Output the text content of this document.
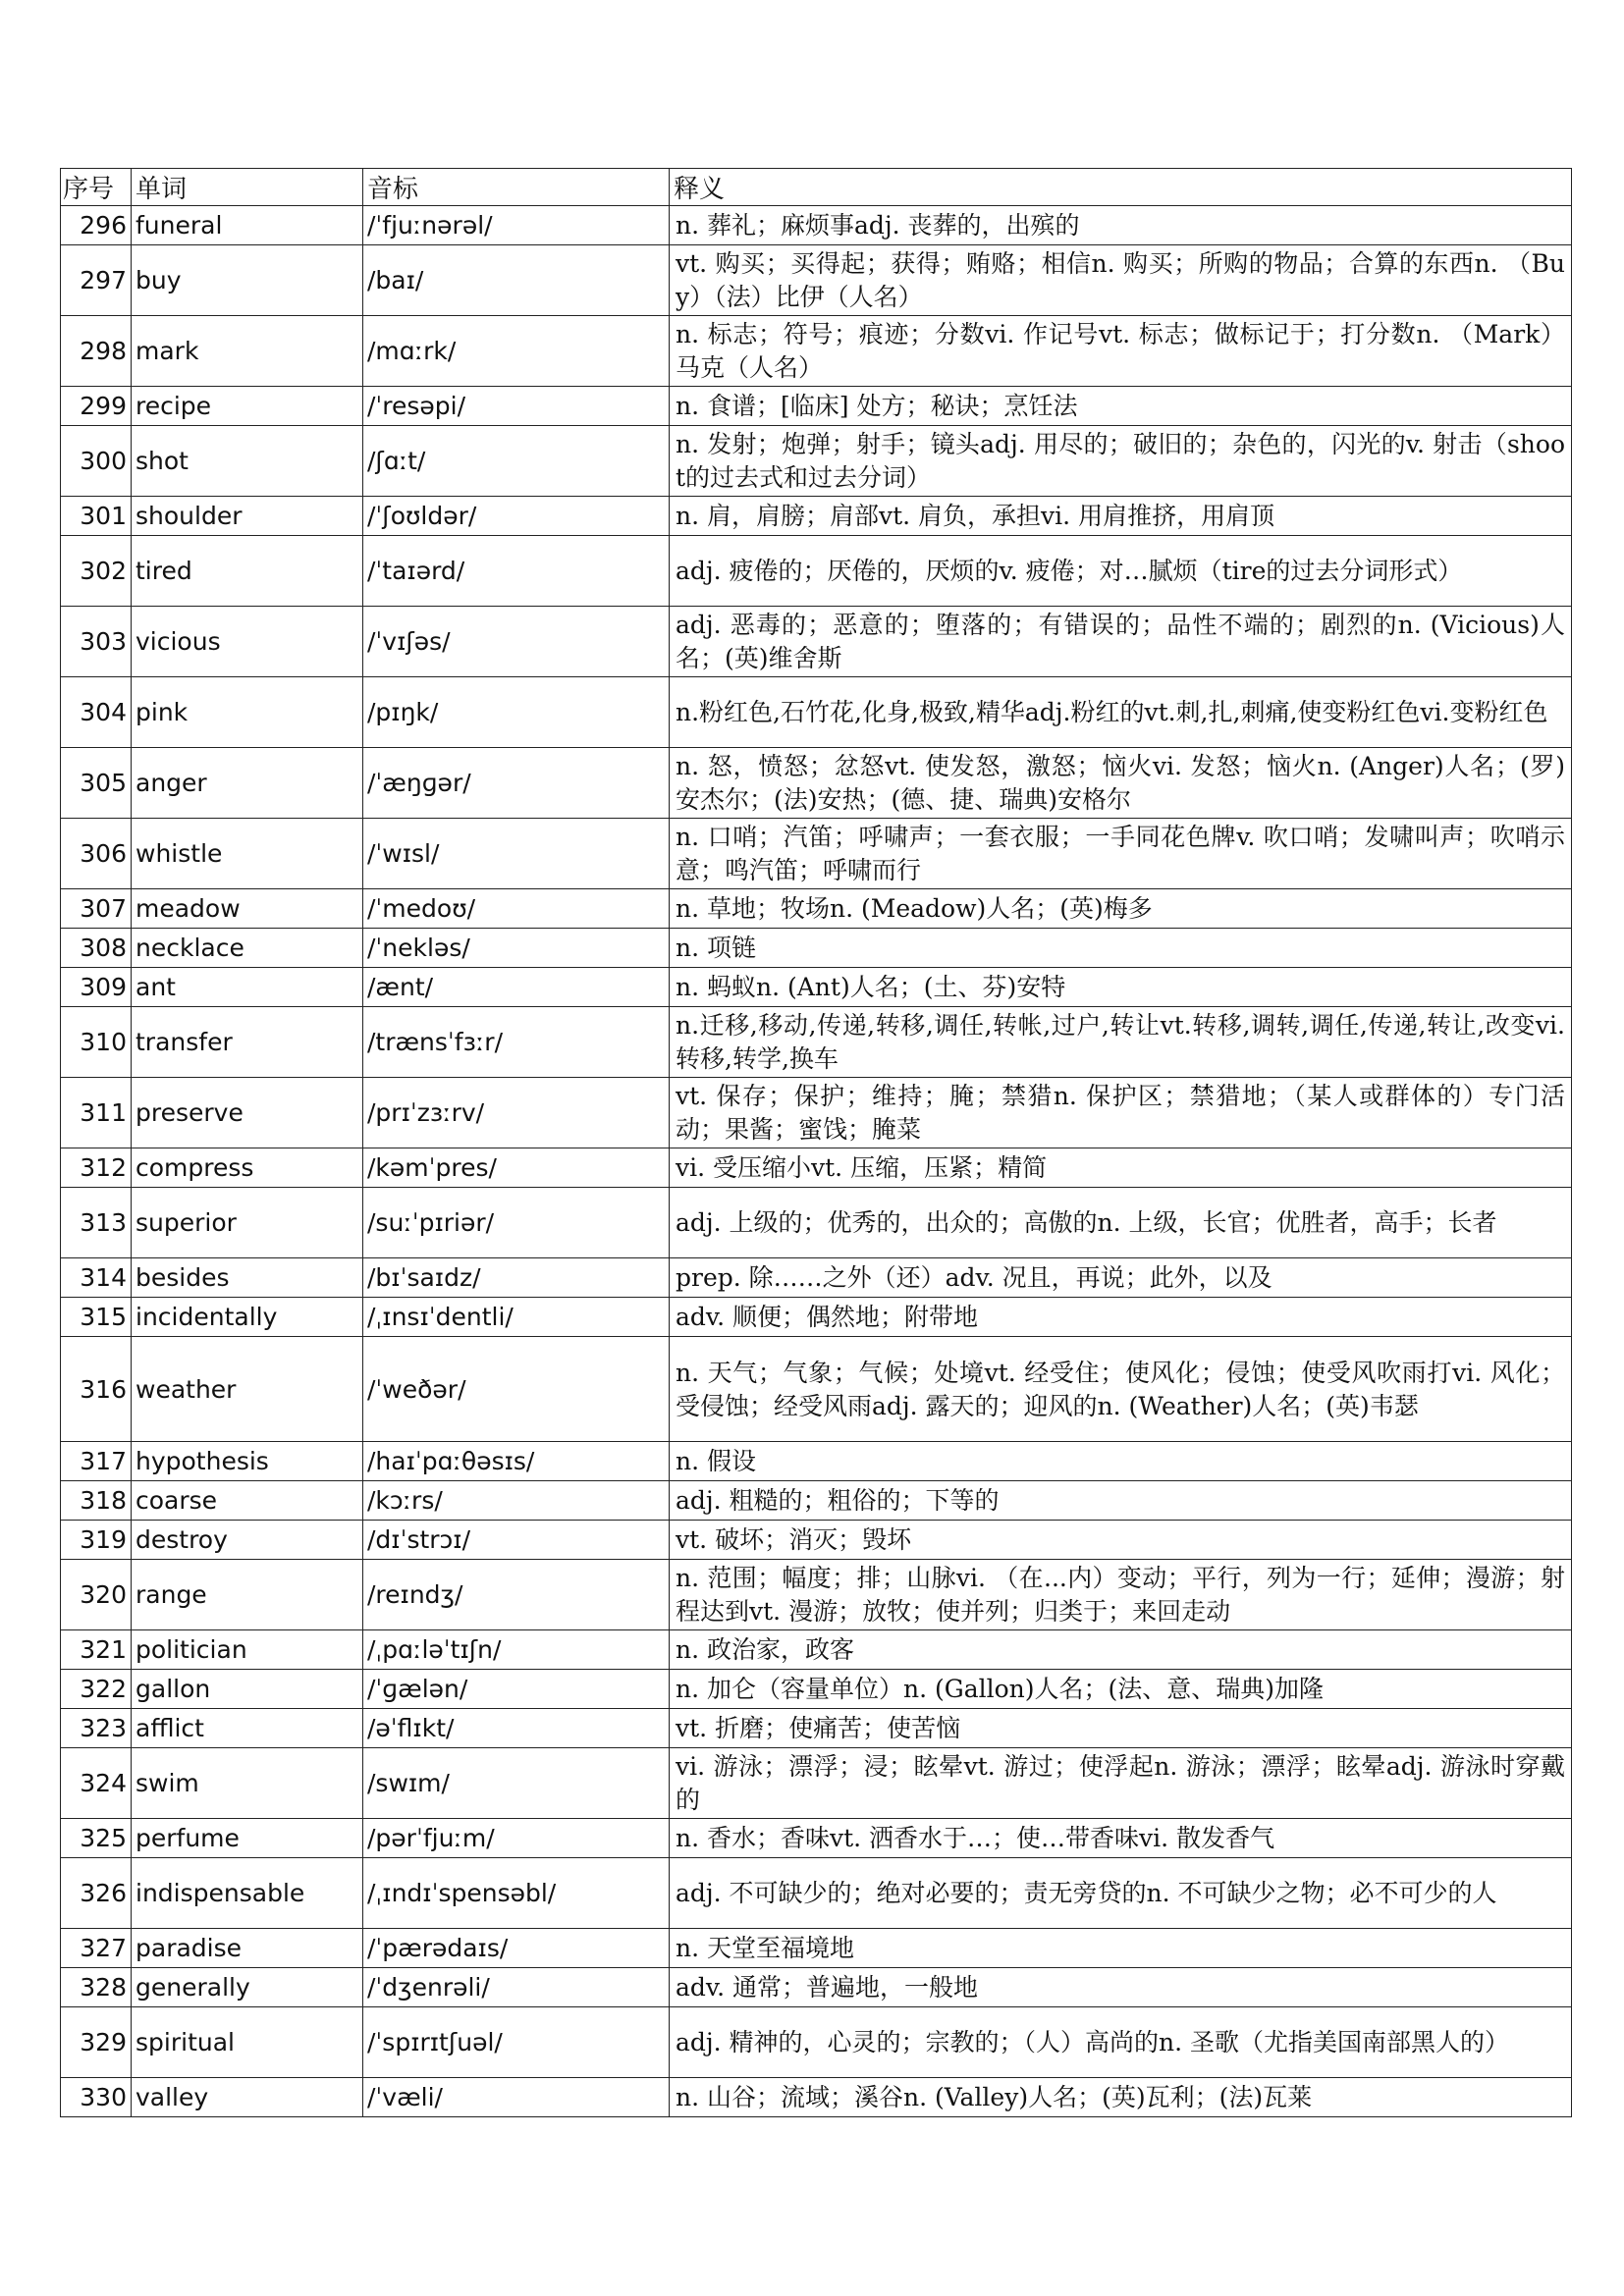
序号	单词	音标	释义
296	funeral	/ˈfjuːnərəl/	n. 葬礼；麻烦事adj. 丧葬的，出殡的
297	buy	/baɪ/	vt. 购买；买得起；获得；贿赂；相信n. 购买；所购的物品；合算的东西n. （Buy）（法）比伊（人名）
298	mark	/mɑːrk/	n. 标志；符号；痕迹；分数vi. 作记号vt. 标志；做标记于；打分数n. （Mark）马克（人名）
299	recipe	/ˈresəpi/	n. 食谱；[临床] 处方；秘诀；烹饪法
300	shot	/ʃɑːt/	n. 发射；炮弹；射手；镜头adj. 用尽的；破旧的；杂色的，闪光的v. 射击（shoot的过去式和过去分词）
301	shoulder	/ˈʃoʊldər/	n. 肩，肩膀；肩部vt. 肩负，承担vi. 用肩推挤，用肩顶
302	tired	/ˈtaɪərd/	adj. 疲倦的；厌倦的，厌烦的v. 疲倦；对…腻烦（tire的过去分词形式）
303	vicious	/ˈvɪʃəs/	adj. 恶毒的；恶意的；堕落的；有错误的；品性不端的；剧烈的n. (Vicious)人名；(英)维舍斯
304	pink	/pɪŋk/	n.粉红色,石竹花,化身,极致,精华adj.粉红的vt.刺,扎,刺痛,使变粉红色vi.变粉红色
305	anger	/ˈæŋɡər/	n. 怒，愤怒；忿怒vt. 使发怒，激怒；恼火vi. 发怒；恼火n. (Anger)人名；(罗)安杰尔；(法)安热；(德、捷、瑞典)安格尔
306	whistle	/ˈwɪsl/	n. 口哨；汽笛；呼啸声；一套衣服；一手同花色牌v. 吹口哨；发啸叫声；吹哨示意；鸣汽笛；呼啸而行
307	meadow	/ˈmedoʊ/	n. 草地；牧场n. (Meadow)人名；(英)梅多
308	necklace	/ˈnekləs/	n. 项链
309	ant	/ænt/	n. 蚂蚁n. (Ant)人名；(土、芬)安特
310	transfer	/trænsˈfɜːr/	n.迁移,移动,传递,转移,调任,转帐,过户,转让vt.转移,调转,调任,传递,转让,改变vi.转移,转学,换车
311	preserve	/prɪˈzɜːrv/	vt. 保存；保护；维持；腌；禁猎n. 保护区；禁猎地；（某人或群体的）专门活动；果酱；蜜饯；腌菜
312	compress	/kəmˈpres/	vi. 受压缩小vt. 压缩，压紧；精简
313	superior	/suːˈpɪriər/	adj. 上级的；优秀的，出众的；高傲的n. 上级，长官；优胜者，高手；长者
314	besides	/bɪˈsaɪdz/	prep. 除……之外（还）adv. 况且，再说；此外，以及
315	incidentally	/ˌɪnsɪˈdentli/	adv. 顺便；偶然地；附带地
316	weather	/ˈweðər/	n. 天气；气象；气候；处境vt. 经受住；使风化；侵蚀；使受风吹雨打vi. 风化；受侵蚀；经受风雨adj. 露天的；迎风的n. (Weather)人名；(英)韦瑟
317	hypothesis	/haɪˈpɑːθəsɪs/	n. 假设
318	coarse	/kɔːrs/	adj. 粗糙的；粗俗的；下等的
319	destroy	/dɪˈstrɔɪ/	vt. 破坏；消灭；毁坏
320	range	/reɪndʒ/	n. 范围；幅度；排；山脉vi. （在...内）变动；平行，列为一行；延伸；漫游；射程达到vt. 漫游；放牧；使并列；归类于；来回走动
321	politician	/ˌpɑːləˈtɪʃn/	n. 政治家，政客
322	gallon	/ˈɡælən/	n. 加仑（容量单位）n. (Gallon)人名；(法、意、瑞典)加隆
323	afflict	/əˈflɪkt/	vt. 折磨；使痛苦；使苦恼
324	swim	/swɪm/	vi. 游泳；漂浮；浸；眩晕vt. 游过；使浮起n. 游泳；漂浮；眩晕adj. 游泳时穿戴的
325	perfume	/pərˈfjuːm/	n. 香水；香味vt. 洒香水于…；使…带香味vi. 散发香气
326	indispensable	/ˌɪndɪˈspensəbl/	adj. 不可缺少的；绝对必要的；责无旁贷的n. 不可缺少之物；必不可少的人
327	paradise	/ˈpærədaɪs/	n. 天堂至福境地
328	generally	/ˈdʒenrəli/	adv. 通常；普遍地，一般地
329	spiritual	/ˈspɪrɪtʃuəl/	adj. 精神的，心灵的；宗教的；（人）高尚的n. 圣歌（尤指美国南部黑人的）
330	valley	/ˈvæli/	n. 山谷；流域；溪谷n. (Valley)人名；(英)瓦利；(法)瓦莱
